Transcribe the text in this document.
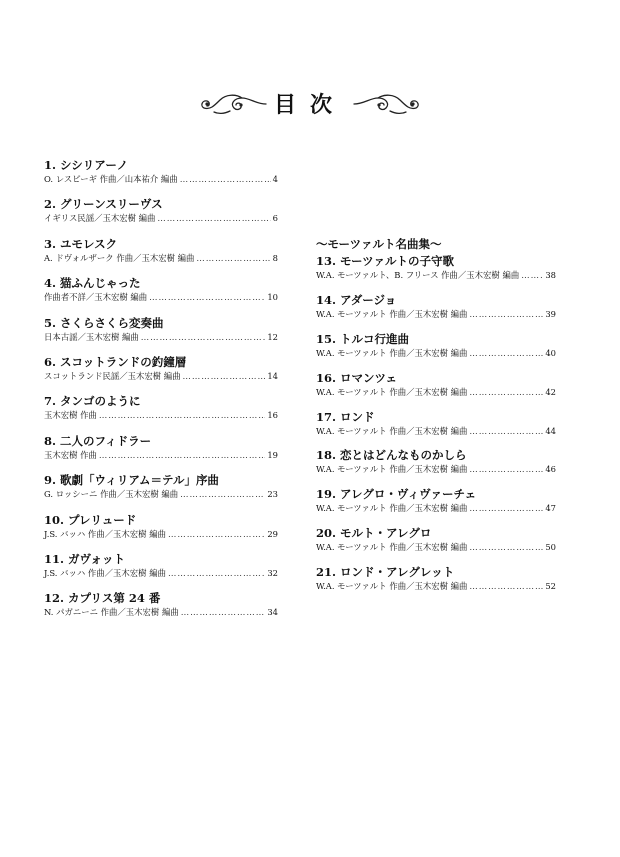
目次
1. シシリアーノ
O. レスピーギ 作曲／山本祐介 編曲 ……………………………………………………………………………………………………………	4
2. グリーンスリーヴス
イギリス民謡／玉木宏樹 編曲 ……………………………………………………………………………………………………………	6
3. ユモレスク
A. ドヴォルザーク 作曲／玉木宏樹 編曲 ……………………………………………………………………………………………………………	8
4. 猫ふんじゃった
作曲者不詳／玉木宏樹 編曲 ……………………………………………………………………………………………………………	10
5. さくらさくら変奏曲
日本古謡／玉木宏樹 編曲 ……………………………………………………………………………………………………………	12
6. スコットランドの釣鐘層
スコットランド民謡／玉木宏樹 編曲 ……………………………………………………………………………………………………………	14
7. タンゴのように
玉木宏樹 作曲 ……………………………………………………………………………………………………………	16
8. 二人のフィドラー
玉木宏樹 作曲 ……………………………………………………………………………………………………………	19
9. 歌劇「ウィリアム＝テル」序曲
G. ロッシーニ 作曲／玉木宏樹 編曲 ……………………………………………………………………………………………………………	23
10. プレリュード
J.S. バッハ 作曲／玉木宏樹 編曲 ……………………………………………………………………………………………………………	29
11. ガヴォット
J.S. バッハ 作曲／玉木宏樹 編曲 ……………………………………………………………………………………………………………	32
12. カプリス第 24 番
N. パガニーニ 作曲／玉木宏樹 編曲 ……………………………………………………………………………………………………………	34
〜モーツァルト名曲集〜
13. モーツァルトの子守歌
W.A. モーツァルト、B. フリース 作曲／玉木宏樹 編曲 ……………………………………………………………………………………………………………	38
14. アダージョ
W.A. モーツァルト 作曲／玉木宏樹 編曲 ……………………………………………………………………………………………………………	39
15. トルコ行進曲
W.A. モーツァルト 作曲／玉木宏樹 編曲 ……………………………………………………………………………………………………………	40
16. ロマンツェ
W.A. モーツァルト 作曲／玉木宏樹 編曲 ……………………………………………………………………………………………………………	42
17. ロンド
W.A. モーツァルト 作曲／玉木宏樹 編曲 ……………………………………………………………………………………………………………	44
18. 恋とはどんなものかしら
W.A. モーツァルト 作曲／玉木宏樹 編曲 ……………………………………………………………………………………………………………	46
19. アレグロ・ヴィヴァーチェ
W.A. モーツァルト 作曲／玉木宏樹 編曲 ……………………………………………………………………………………………………………	47
20. モルト・アレグロ
W.A. モーツァルト 作曲／玉木宏樹 編曲 ……………………………………………………………………………………………………………	50
21. ロンド・アレグレット
W.A. モーツァルト 作曲／玉木宏樹 編曲 ……………………………………………………………………………………………………………	52
